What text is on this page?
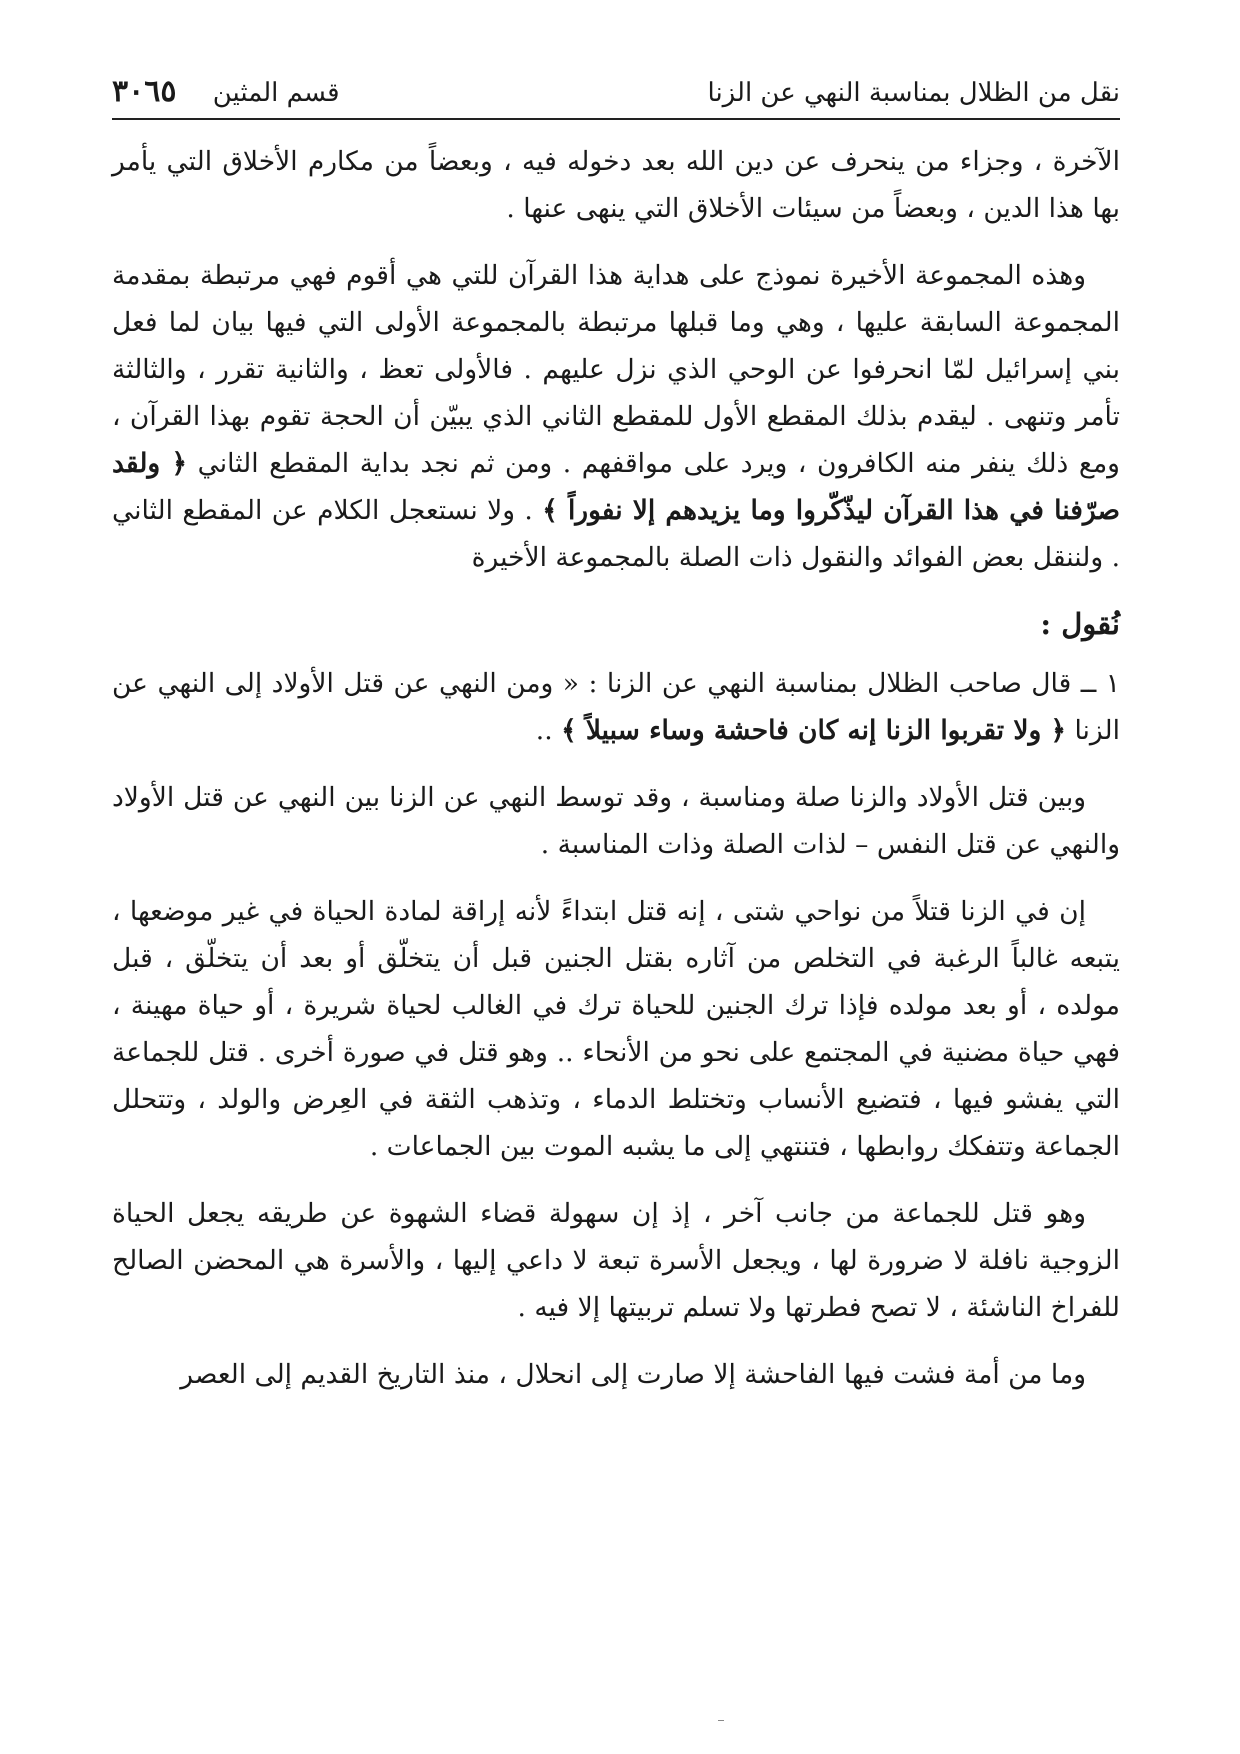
نقل من الظلال بمناسبة النهي عن الزنا
قسم المثين ٣٠٦٥

الآخرة ، وجزاء من ينحرف عن دين الله بعد دخوله فيه ، وبعضاً من مكارم الأخلاق التي يأمر بها هذا الدين ، وبعضاً من سيئات الأخلاق التي ينهى عنها .

وهذه المجموعة الأخيرة نموذج على هداية هذا القرآن للتي هي أقوم فهي مرتبطة بمقدمة المجموعة السابقة عليها ، وهي وما قبلها مرتبطة بالمجموعة الأولى التي فيها بيان لما فعل بني إسرائيل لمّا انحرفوا عن الوحي الذي نزل عليهم . فالأولى تعظ ، والثانية تقرر ، والثالثة تأمر وتنهى . ليقدم بذلك المقطع الأول للمقطع الثاني الذي يبيّن أن الحجة تقوم بهذا القرآن ، ومع ذلك ينفر منه الكافرون ، ويرد على مواقفهم . ومن ثم نجد بداية المقطع الثاني ﴿ ولقد صرّفنا في هذا القرآن ليذّكّروا وما يزيدهم إلا نفوراً ﴾ . ولا نستعجل الكلام عن المقطع الثاني . ولننقل بعض الفوائد والنقول ذات الصلة بالمجموعة الأخيرة

نُقول :

١ ــ قال صاحب الظلال بمناسبة النهي عن الزنا : « ومن النهي عن قتل الأولاد إلى النهي عن الزنا ﴿ ولا تقربوا الزنا إنه كان فاحشة وساء سبيلاً ﴾ ..

وبين قتل الأولاد والزنا صلة ومناسبة ، وقد توسط النهي عن الزنا بين النهي عن قتل الأولاد والنهي عن قتل النفس – لذات الصلة وذات المناسبة .

إن في الزنا قتلاً من نواحي شتى ، إنه قتل ابتداءً لأنه إراقة لمادة الحياة في غير موضعها ، يتبعه غالباً الرغبة في التخلص من آثاره بقتل الجنين قبل أن يتخلّق أو بعد أن يتخلّق ، قبل مولده ، أو بعد مولده فإذا ترك الجنين للحياة ترك في الغالب لحياة شريرة ، أو حياة مهينة ، فهي حياة مضنية في المجتمع على نحو من الأنحاء .. وهو قتل في صورة أخرى . قتل للجماعة التي يفشو فيها ، فتضيع الأنساب وتختلط الدماء ، وتذهب الثقة في العِرض والولد ، وتتحلل الجماعة وتتفكك روابطها ، فتنتهي إلى ما يشبه الموت بين الجماعات .

وهو قتل للجماعة من جانب آخر ، إذ إن سهولة قضاء الشهوة عن طريقه يجعل الحياة الزوجية نافلة لا ضرورة لها ، ويجعل الأسرة تبعة لا داعي إليها ، والأسرة هي المحضن الصالح للفراخ الناشئة ، لا تصح فطرتها ولا تسلم تربيتها إلا فيه .

وما من أمة فشت فيها الفاحشة إلا صارت إلى انحلال ، منذ التاريخ القديم إلى العصر
